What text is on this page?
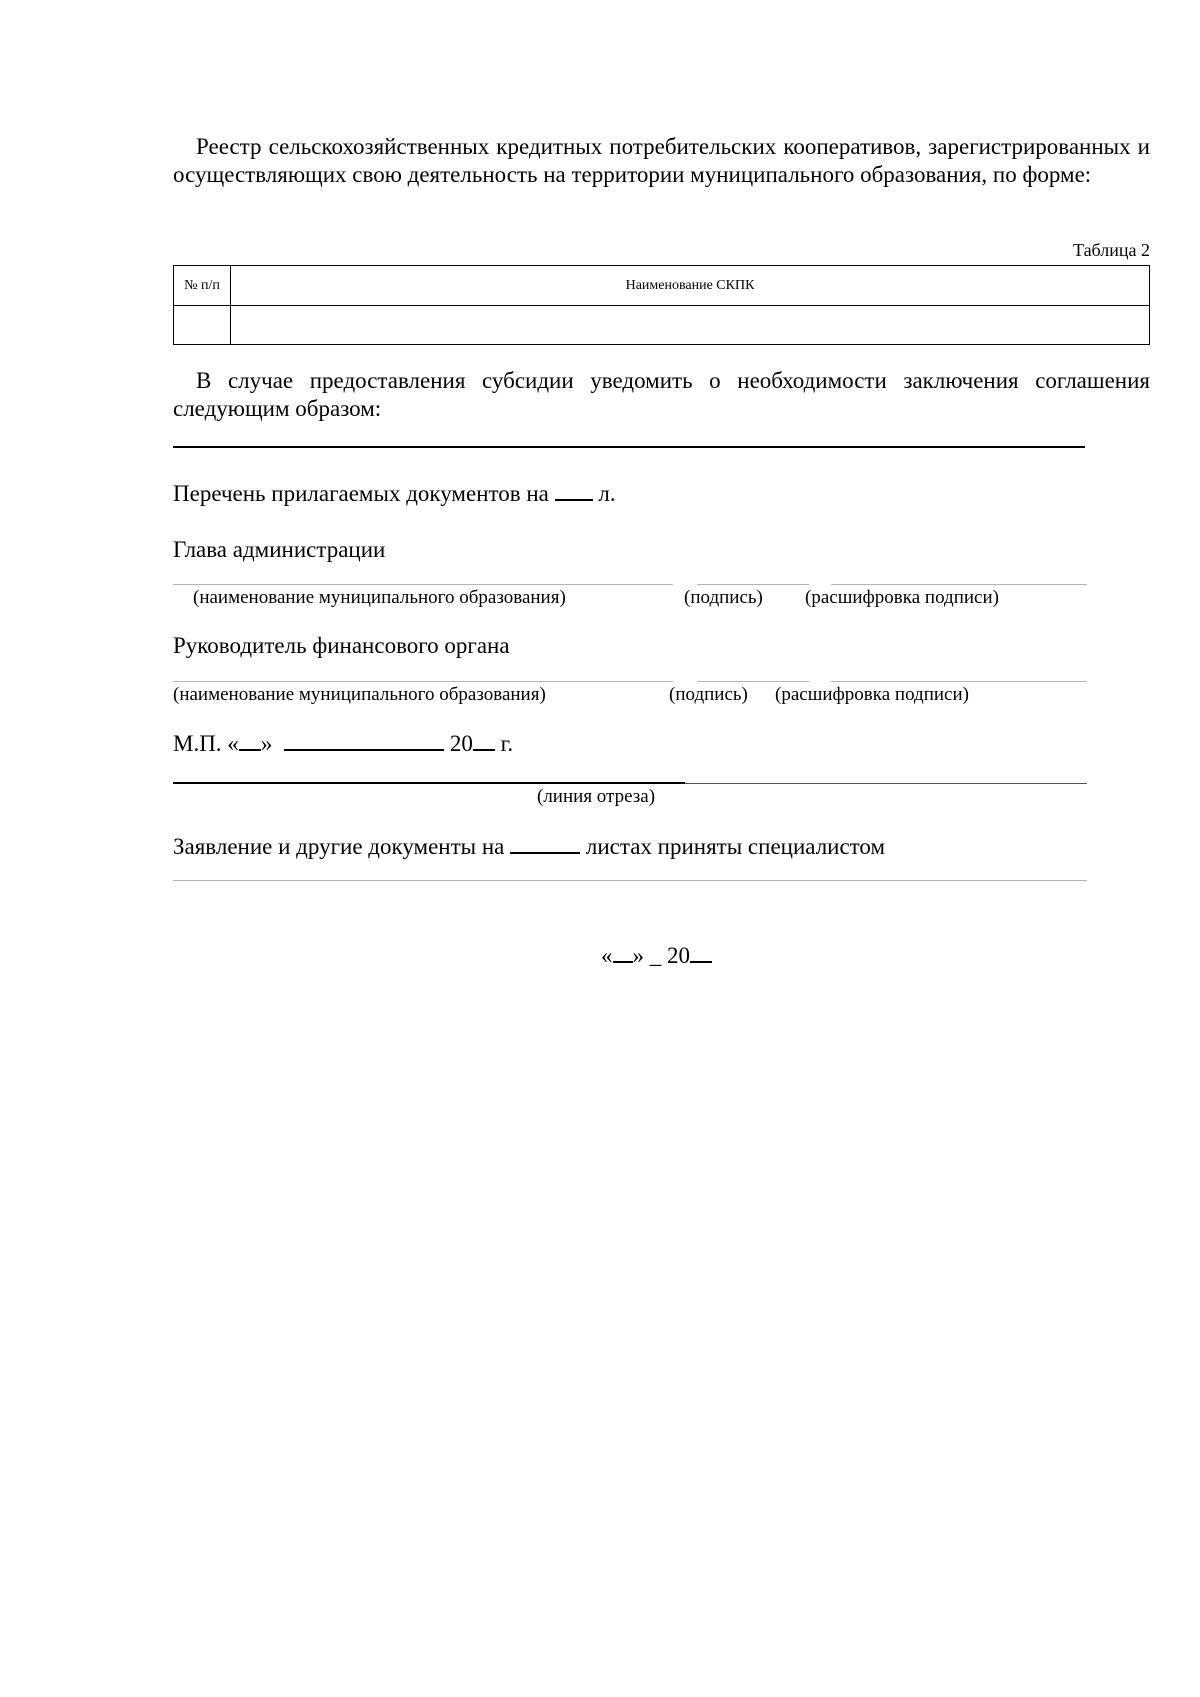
Реестр сельскохозяйственных кредитных потребительских кооперативов, зарегистрированных и осуществляющих свою деятельность на территории муниципального образования, по форме:
Таблица 2
№ п/п	Наименование СКПК

В случае предоставления субсидии уведомить о необходимости заключения соглашения следующим образом:
Перечень прилагаемых документов на л.
Глава администрации
(наименование муниципального образования)	(подпись) (расшифровка подписи)
Руководитель финансового органа
(наименование муниципального образования)	(подпись) (расшифровка подписи)
М.П. « »	20 г.
(линия отреза)
Заявление и другие документы на	листах приняты специалистом
« » _ 20
